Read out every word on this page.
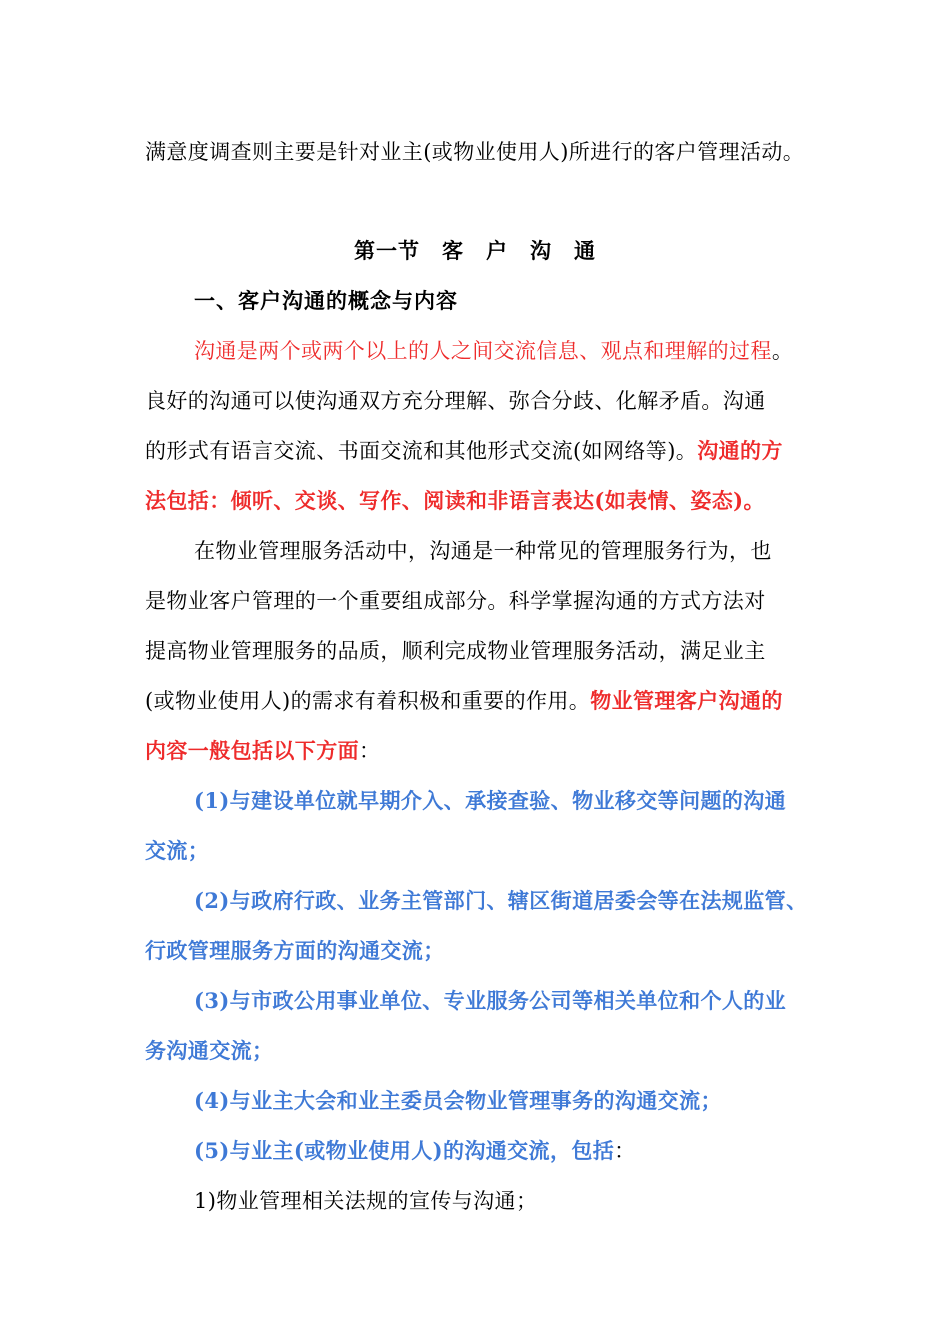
满意度调查则主要是针对业主(或物业使用人)所进行的客户管理活动。
第一节　客　户　沟　通
一、客户沟通的概念与内容
沟通是两个或两个以上的人之间交流信息、观点和理解的过程。
良好的沟通可以使沟通双方充分理解、弥合分歧、化解矛盾。沟通
的形式有语言交流、书面交流和其他形式交流(如网络等)。沟通的方
法包括：倾听、交谈、写作、阅读和非语言表达(如表情、姿态)。
在物业管理服务活动中，沟通是一种常见的管理服务行为，也
是物业客户管理的一个重要组成部分。科学掌握沟通的方式方法对
提高物业管理服务的品质，顺利完成物业管理服务活动，满足业主
(或物业使用人)的需求有着积极和重要的作用。物业管理客户沟通的
内容一般包括以下方面：
(1)与建设单位就早期介入、承接查验、物业移交等问题的沟通
交流；
(2)与政府行政、业务主管部门、辖区街道居委会等在法规监管、
行政管理服务方面的沟通交流；
(3)与市政公用事业单位、专业服务公司等相关单位和个人的业
务沟通交流；
(4)与业主大会和业主委员会物业管理事务的沟通交流；
(5)与业主(或物业使用人)的沟通交流，包括：
1)物业管理相关法规的宣传与沟通；
